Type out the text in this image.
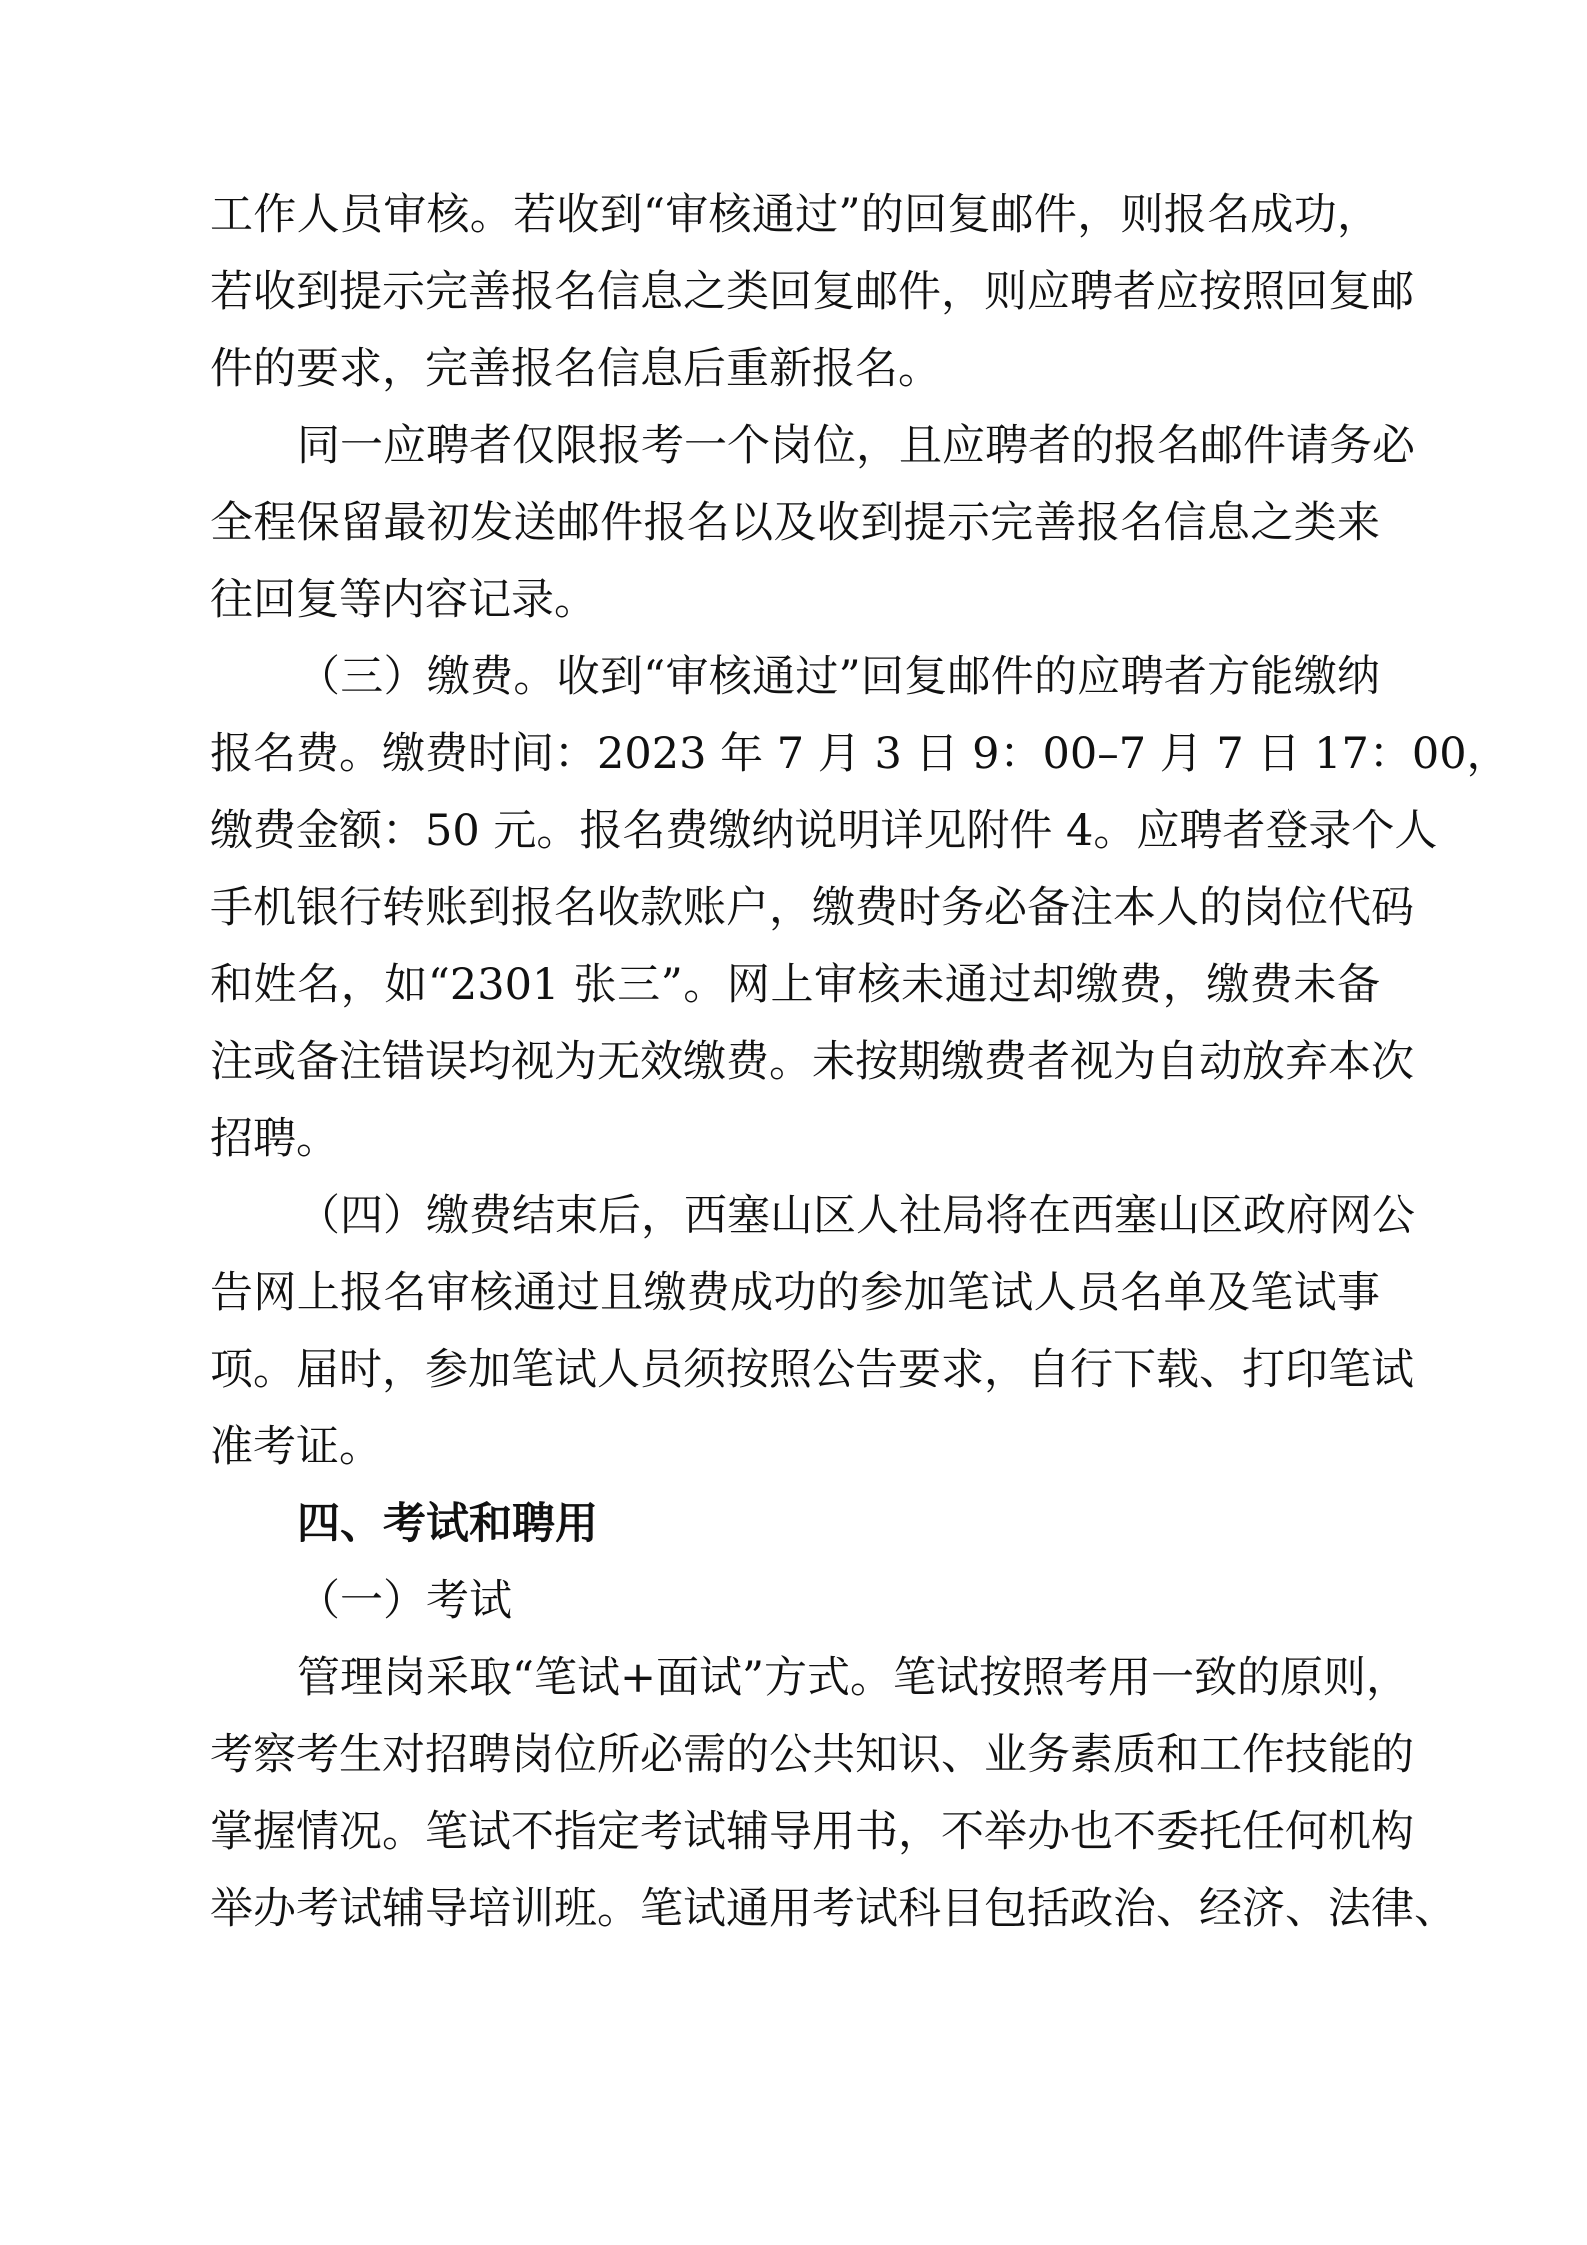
工作人员审核。若收到“审核通过”的回复邮件，则报名成功，
若收到提示完善报名信息之类回复邮件，则应聘者应按照回复邮
件的要求，完善报名信息后重新报名。
同一应聘者仅限报考一个岗位，且应聘者的报名邮件请务必
全程保留最初发送邮件报名以及收到提示完善报名信息之类来
往回复等内容记录。
（三）缴费。收到“审核通过”回复邮件的应聘者方能缴纳
报名费。缴费时间：2023 年 7 月 3 日 9：00–7 月 7 日 17：00，
缴费金额：50 元。报名费缴纳说明详见附件 4。应聘者登录个人
手机银行转账到报名收款账户，缴费时务必备注本人的岗位代码
和姓名，如“2301 张三”。网上审核未通过却缴费，缴费未备
注或备注错误均视为无效缴费。未按期缴费者视为自动放弃本次
招聘。
（四）缴费结束后，西塞山区人社局将在西塞山区政府网公
告网上报名审核通过且缴费成功的参加笔试人员名单及笔试事
项。届时，参加笔试人员须按照公告要求，自行下载、打印笔试
准考证。
四、考试和聘用
（一）考试
管理岗采取“笔试+面试”方式。笔试按照考用一致的原则，
考察考生对招聘岗位所必需的公共知识、业务素质和工作技能的
掌握情况。笔试不指定考试辅导用书，不举办也不委托任何机构
举办考试辅导培训班。笔试通用考试科目包括政治、经济、法律、
